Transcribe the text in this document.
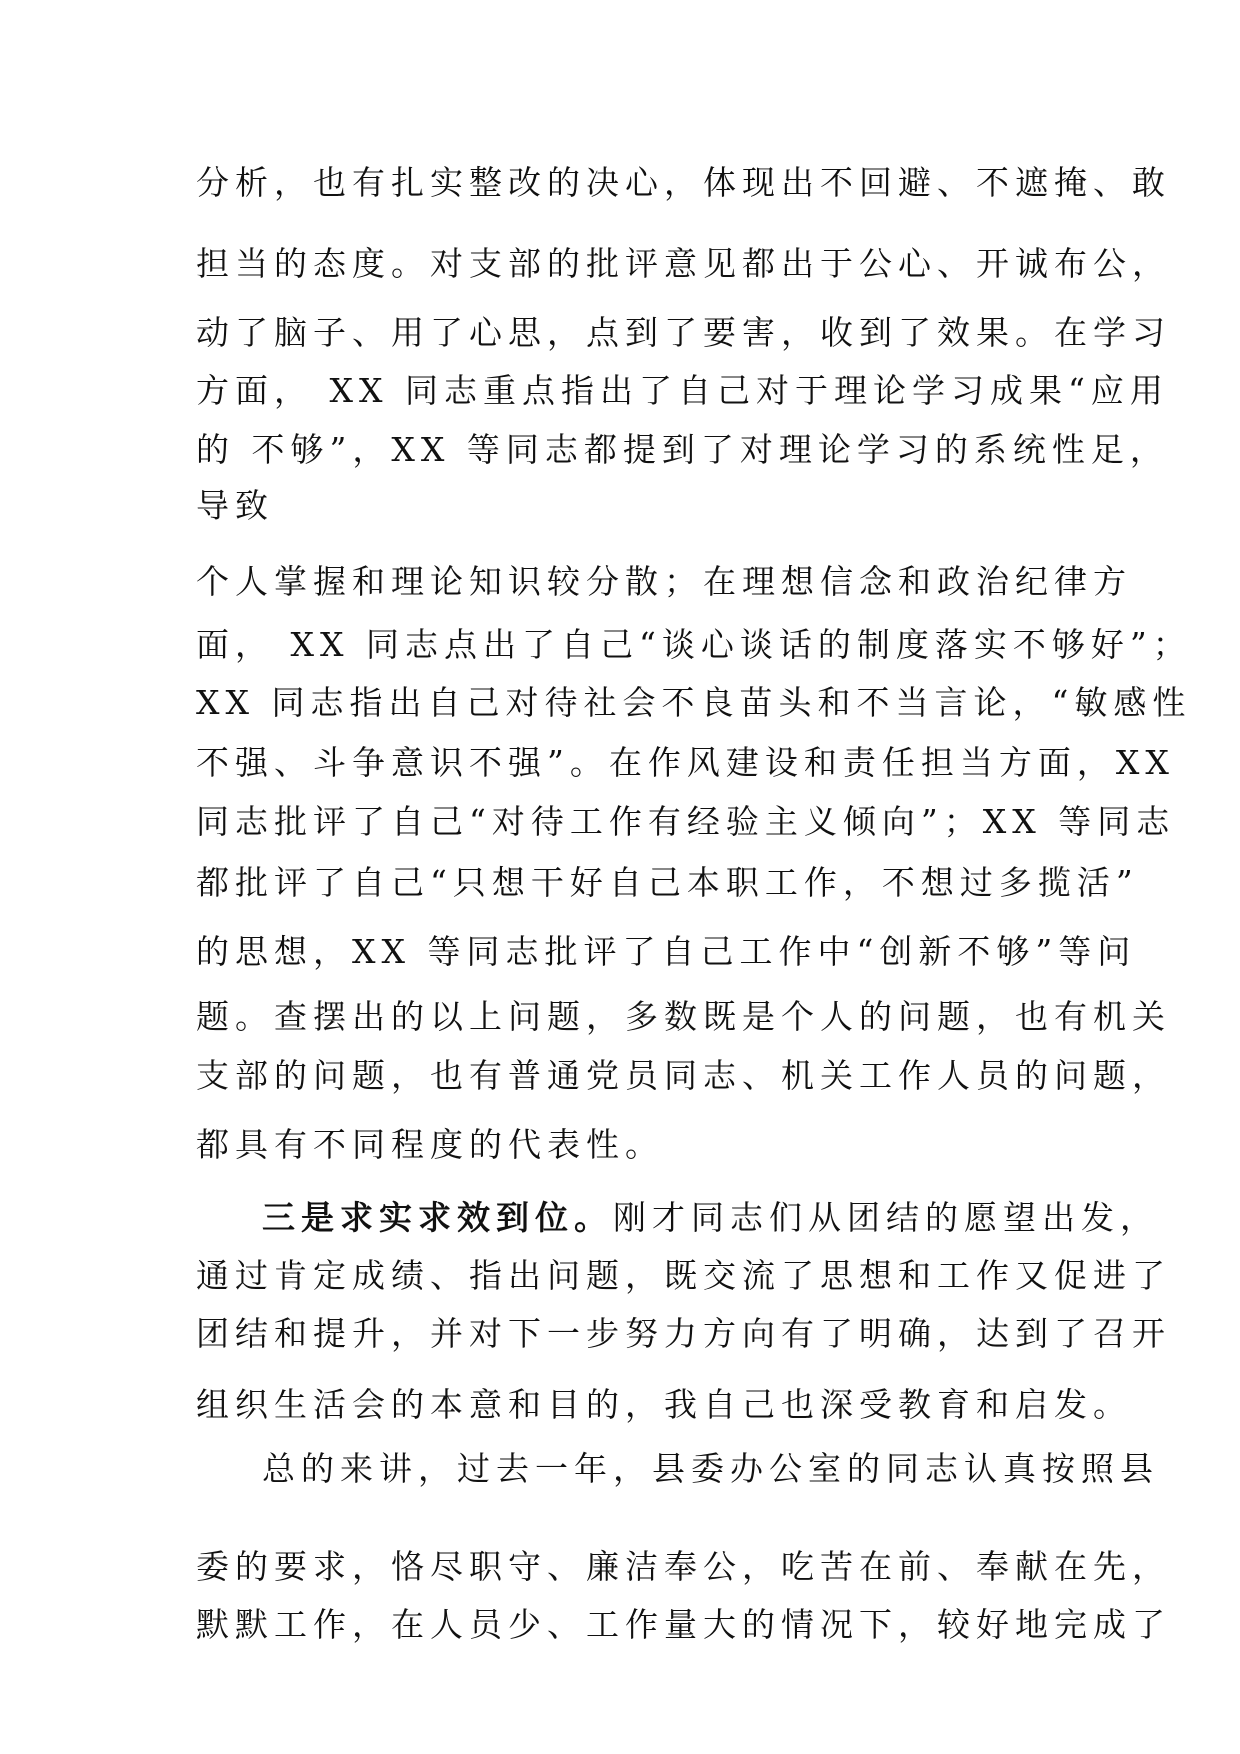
分析，也有扎实整改的决心，体现出不回避、不遮掩、敢
担当的态度。对支部的批评意见都出于公心、开诚布公，
动了脑子、用了心思，点到了要害，收到了效果。在学习
方面， XX 同志重点指出了自己对于理论学习成果“应用
的 不够”，XX 等同志都提到了对理论学习的系统性足，
导致
个人掌握和理论知识较分散；在理想信念和政治纪律方
面， XX 同志点出了自己“谈心谈话的制度落实不够好”；
XX 同志指出自己对待社会不良苗头和不当言论，“敏感性
不强、斗争意识不强”。在作风建设和责任担当方面，XX
同志批评了自己“对待工作有经验主义倾向”；XX 等同志
都批评了自己“只想干好自己本职工作，不想过多揽活”
的思想，XX 等同志批评了自己工作中“创新不够”等问
题。查摆出的以上问题，多数既是个人的问题，也有机关
支部的问题，也有普通党员同志、机关工作人员的问题，
都具有不同程度的代表性。
三是求实求效到位。刚才同志们从团结的愿望出发，
通过肯定成绩、指出问题，既交流了思想和工作又促进了
团结和提升，并对下一步努力方向有了明确，达到了召开
组织生活会的本意和目的，我自己也深受教育和启发。
总的来讲，过去一年，县委办公室的同志认真按照县
委的要求，恪尽职守、廉洁奉公，吃苦在前、奉献在先，
默默工作，在人员少、工作量大的情况下，较好地完成了
